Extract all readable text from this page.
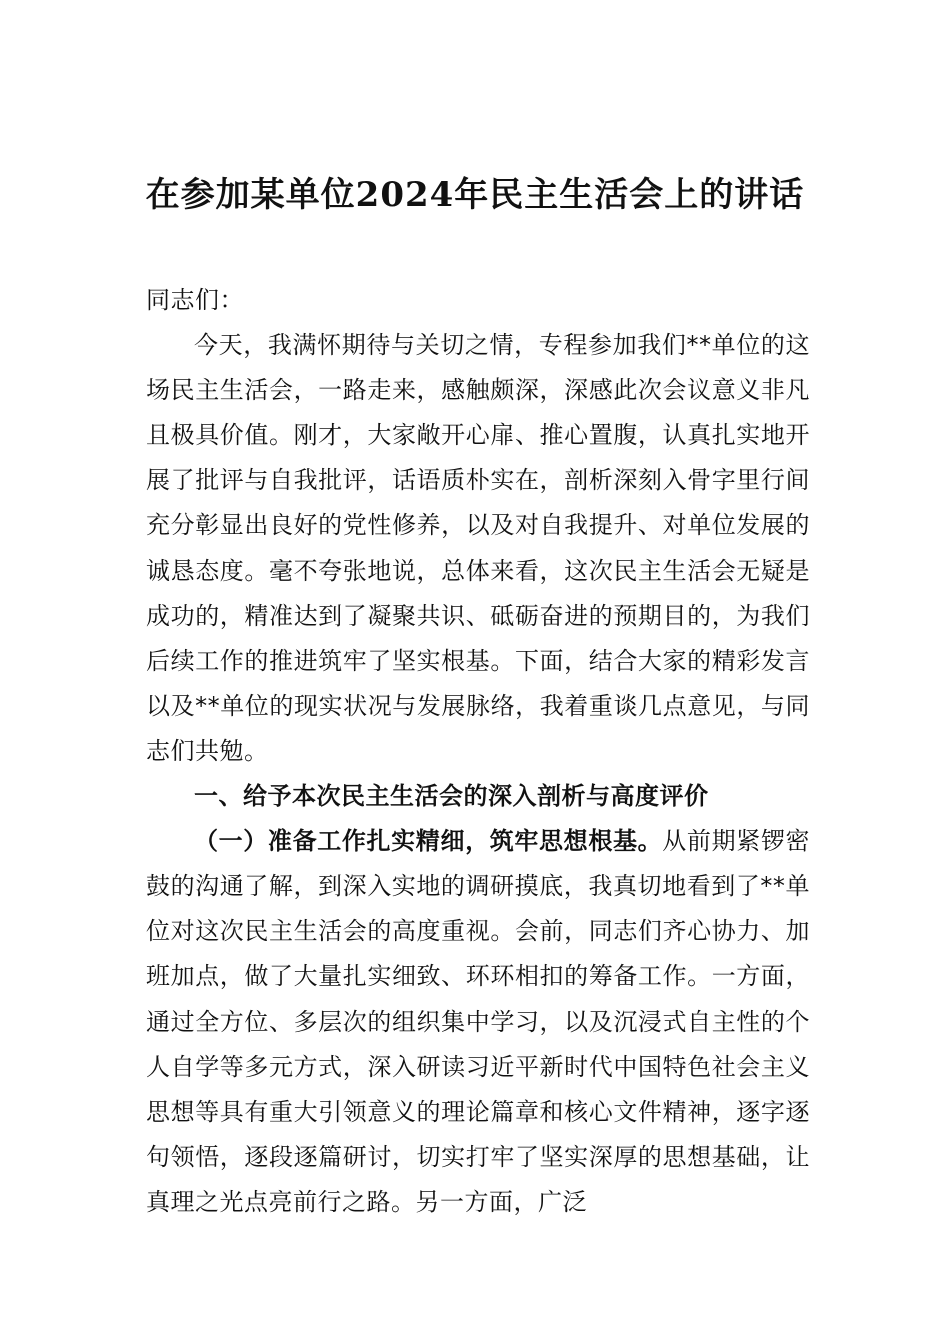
在参加某单位2024年民主生活会上的讲话

同志们：

今天，我满怀期待与关切之情，专程参加我们**单位的这场民主生活会，一路走来，感触颇深，深感此次会议意义非凡且极具价值。刚才，大家敞开心扉、推心置腹，认真扎实地开展了批评与自我批评，话语质朴实在，剖析深刻入骨字里行间充分彰显出良好的党性修养，以及对自我提升、对单位发展的诚恳态度。毫不夸张地说，总体来看，这次民主生活会无疑是成功的，精准达到了凝聚共识、砥砺奋进的预期目的，为我们后续工作的推进筑牢了坚实根基。下面，结合大家的精彩发言以及**单位的现实状况与发展脉络，我着重谈几点意见，与同志们共勉。

一、给予本次民主生活会的深入剖析与高度评价

（一）准备工作扎实精细，筑牢思想根基。从前期紧锣密鼓的沟通了解，到深入实地的调研摸底，我真切地看到了**单位对这次民主生活会的高度重视。会前，同志们齐心协力、加班加点，做了大量扎实细致、环环相扣的筹备工作。一方面，通过全方位、多层次的组织集中学习，以及沉浸式自主性的个人自学等多元方式，深入研读习近平新时代中国特色社会主义思想等具有重大引领意义的理论篇章和核心文件精神，逐字逐句领悟，逐段逐篇研讨，切实打牢了坚实深厚的思想基础，让真理之光点亮前行之路。另一方面，广泛
